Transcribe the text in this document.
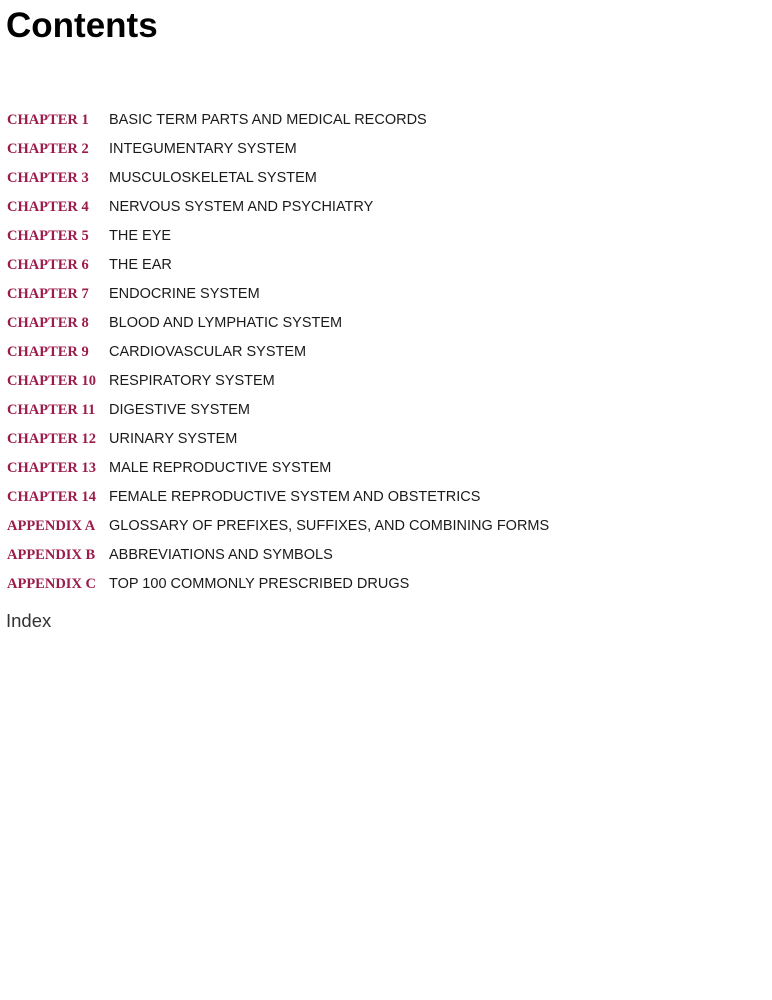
Contents
CHAPTER 1 BASIC TERM PARTS AND MEDICAL RECORDS
CHAPTER 2 INTEGUMENTARY SYSTEM
CHAPTER 3 MUSCULOSKELETAL SYSTEM
CHAPTER 4 NERVOUS SYSTEM AND PSYCHIATRY
CHAPTER 5 THE EYE
CHAPTER 6 THE EAR
CHAPTER 7 ENDOCRINE SYSTEM
CHAPTER 8 BLOOD AND LYMPHATIC SYSTEM
CHAPTER 9 CARDIOVASCULAR SYSTEM
CHAPTER 10 RESPIRATORY SYSTEM
CHAPTER 11 DIGESTIVE SYSTEM
CHAPTER 12 URINARY SYSTEM
CHAPTER 13 MALE REPRODUCTIVE SYSTEM
CHAPTER 14 FEMALE REPRODUCTIVE SYSTEM AND OBSTETRICS
APPENDIX A GLOSSARY OF PREFIXES, SUFFIXES, AND COMBINING FORMS
APPENDIX B ABBREVIATIONS AND SYMBOLS
APPENDIX C TOP 100 COMMONLY PRESCRIBED DRUGS
Index
